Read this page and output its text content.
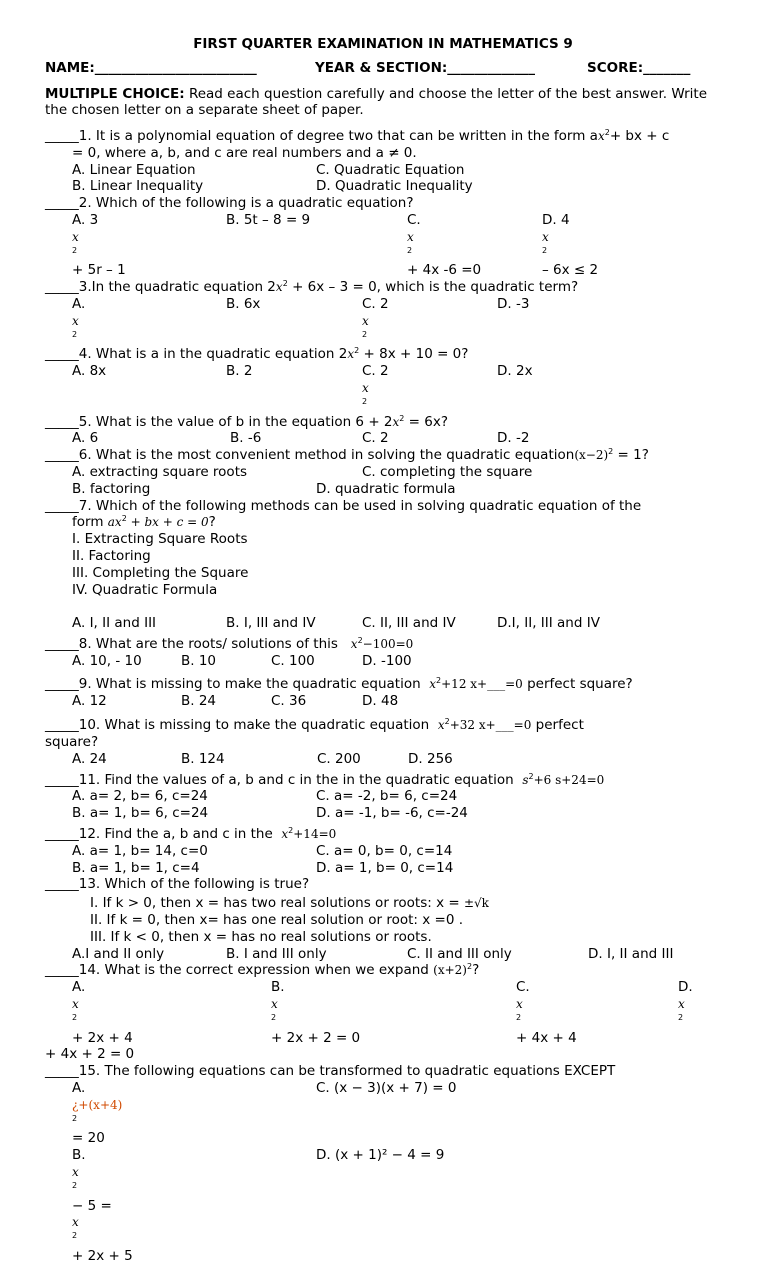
FIRST QUARTER EXAMINATION IN MATHEMATICS 9
NAME:________________________	YEAR & SECTION:_____________	SCORE:_______
MULTIPLE CHOICE: Read each question carefully and choose the letter of the best answer. Write the chosen letter on a separate sheet of paper.
_____1. It is a polynomial equation of degree two that can be written in the form $ax^2+$ bx + c
= 0, where a, b, and c are real numbers and a ≠ 0.
A. Linear Equation	C. Quadratic Equation
B. Linear Inequality	D. Quadratic Inequality
_____2. Which of the following is a quadratic equation?
A. 3
x
$^2$
+ 5r – 1
B. 5t – 8 = 9	C.
x
$^2$
+ 4x -6 =0
D. 4
x
$^2$
– 6x ≤ 2
_____3.In the quadratic equation $2x^2 + 6x - 3 = 0$, which is the quadratic term?
A.
x
$^2$
B. 6x	C. 2
x
$^2$
D. -3
_____4. What is a in the quadratic equation $2x^2 + 8x + 10 = 0$?
A. 8x	B. 2	C. 2
x
$^2$
D. 2x
_____5. What is the value of b in the equation $6 + 2x^2 = 6x$?
A. 6	B. -6	C. 2	D. -2
_____6. What is the most convenient method in solving the quadratic $equation(x-2)^2 = 1$?
A. extracting square roots	C. completing the square
B. factoring	D. quadratic formula
_____7. Which of the following methods can be used in solving quadratic equation of the
form $ax^2$ + bx + c = 0?
I. Extracting Square Roots
II. Factoring
III. Completing the Square
IV. Quadratic Formula
A. I, II and III	B. I, III and IV	C. II, III and IV	D.I, II, III and IV
_____8. What are the roots/ solutions of this $x^2-100=0$
A. 10, - 10	B. 10	C. 100	D. -100
_____9. What is missing to make the quadratic equation $x^2+12$ x+___=0 perfect square?
A. 12	B. 24	C. 36	D. 48
_____10. What is missing to make the quadratic equation $x^2+32$ x+___=0 perfect
square?
A. 24	B. 124	C. 200	D. 256
_____11. Find the values of a, b and c in the in the quadratic equation $s^2+6$ s+24=0
A. a= 2, b= 6, c=24	C. a= -2, b= 6, c=24
B. a= 1, b= 6, c=24	D. a= -1, b= -6, c=-24
_____12. Find the a, b and c in the $x^2+14=0$
A. a= 1, b= 14, c=0	C. a= 0, b= 0, c=14
B. a= 1, b= 1, c=4	D. a= 1, b= 0, c=14
_____13. Which of the following is true?
I. If k > 0, then x = has two real solutions or roots: x = ±√k
II. If k = 0, then x= has one real solution or root: x =0 .
III. If k < 0, then x = has no real solutions or roots.
A.I and II only	B. I and III only	C. II and III only	D. I, II and III
_____14. What is the correct expression when we expand $(x+2)^2$?
A.
x
$^2$
+ 2x + 4
B.
x
$^2$
+ 2x + 2 = 0
C.
x
$^2$
+ 4x + 4
D.
x
$^2$
+ 4x + 2 = 0
_____15. The following equations can be transformed to quadratic equations EXCEPT
A.
¿+(x+4)
$^2$
= 20
C. (x − 3)(x + 7) = 0
B.
x
$^2$
− 5 =
x
$^2$
+ 2x + 5
D. (x + 1)² − 4 = 9
